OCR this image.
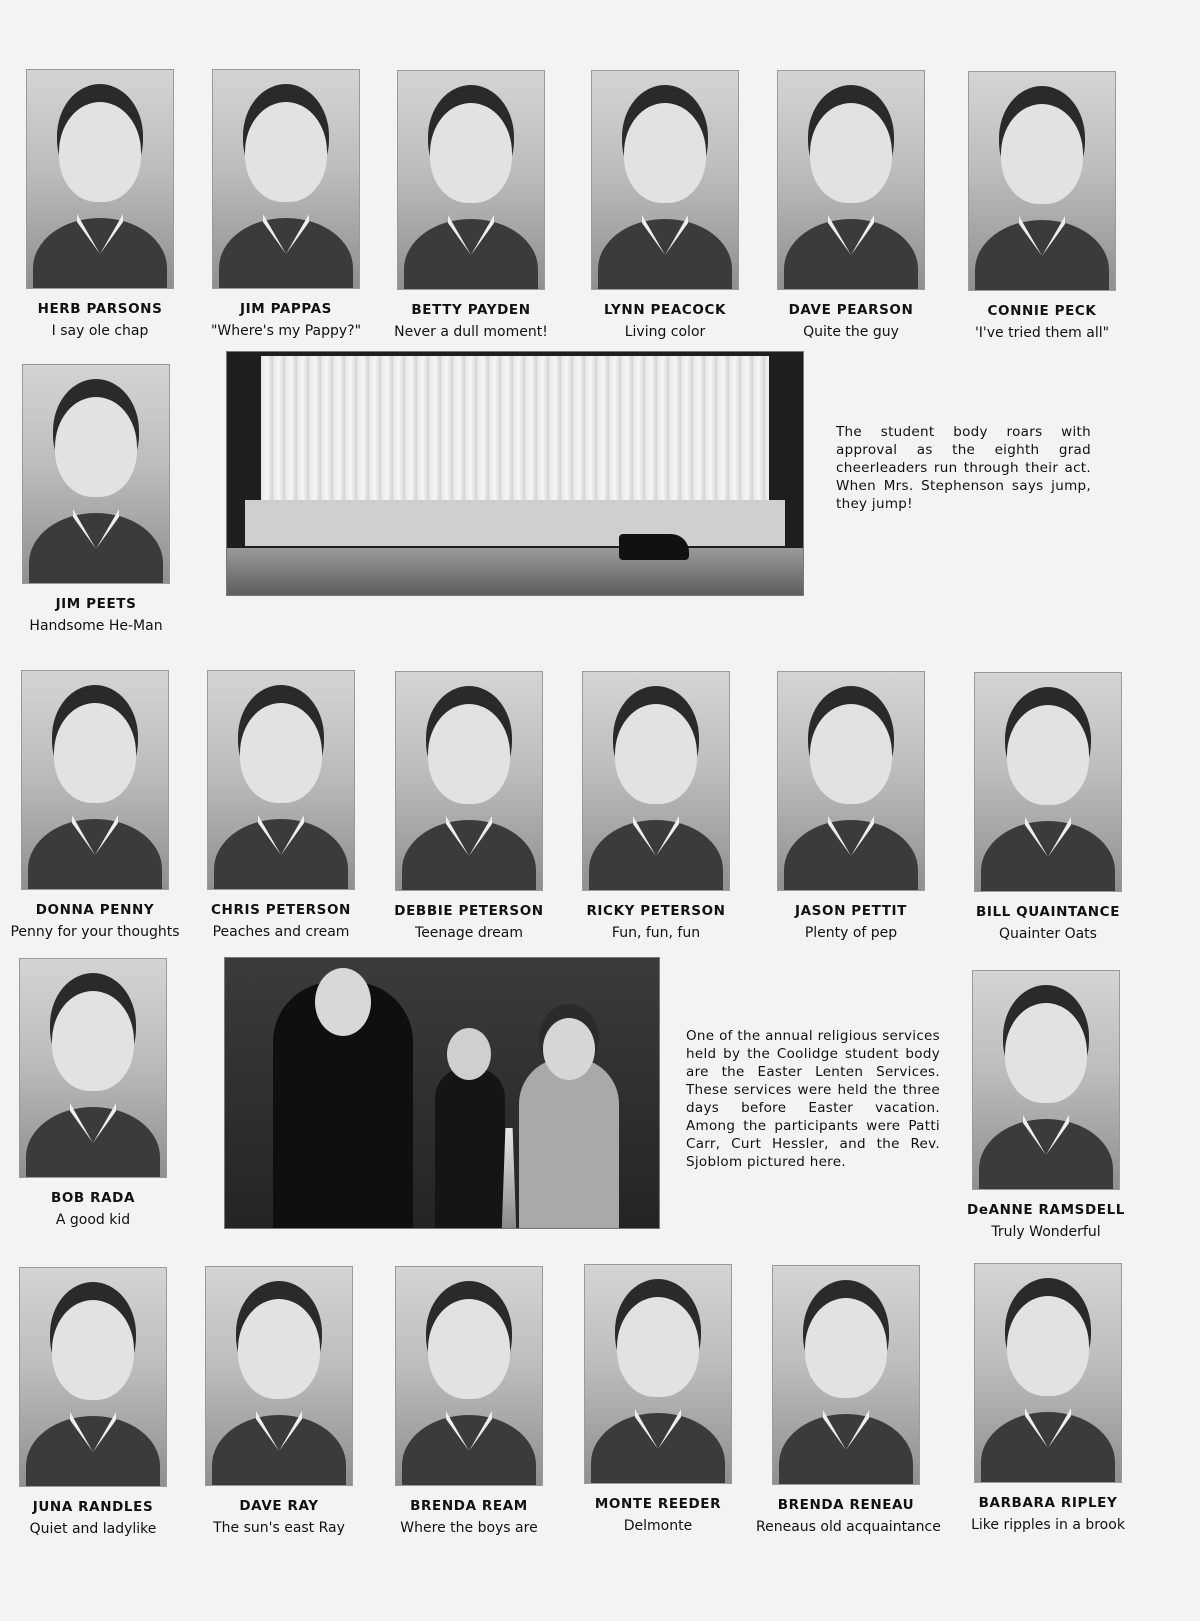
HERB PARSONS
I say ole chap
JIM PAPPAS
"Where's my Pappy?"
BETTY PAYDEN
Never a dull moment!
LYNN PEACOCK
Living color
DAVE PEARSON
Quite the guy
CONNIE PECK
'I've tried them all"
JIM PEETS
Handsome He-Man
The student body roars with approval as the eighth grad cheerleaders run through their act. When Mrs. Stephenson says jump, they jump!
DONNA PENNY
Penny for your thoughts
CHRIS PETERSON
Peaches and cream
DEBBIE PETERSON
Teenage dream
RICKY PETERSON
Fun, fun, fun
JASON PETTIT
Plenty of pep
BILL QUAINTANCE
Quainter Oats
BOB RADA
A good kid
One of the annual religious services held by the Coolidge student body are the Easter Lenten Services. These services were held the three days before Easter vacation. Among the participants were Patti Carr, Curt Hessler, and the Rev. Sjoblom pictured here.
DeANNE RAMSDELL
Truly Wonderful
JUNA RANDLES
Quiet and ladylike
DAVE RAY
The sun's east Ray
BRENDA REAM
Where the boys are
MONTE REEDER
Delmonte
BRENDA RENEAU
Reneaus old acquaintance
BARBARA RIPLEY
Like ripples in a brook
